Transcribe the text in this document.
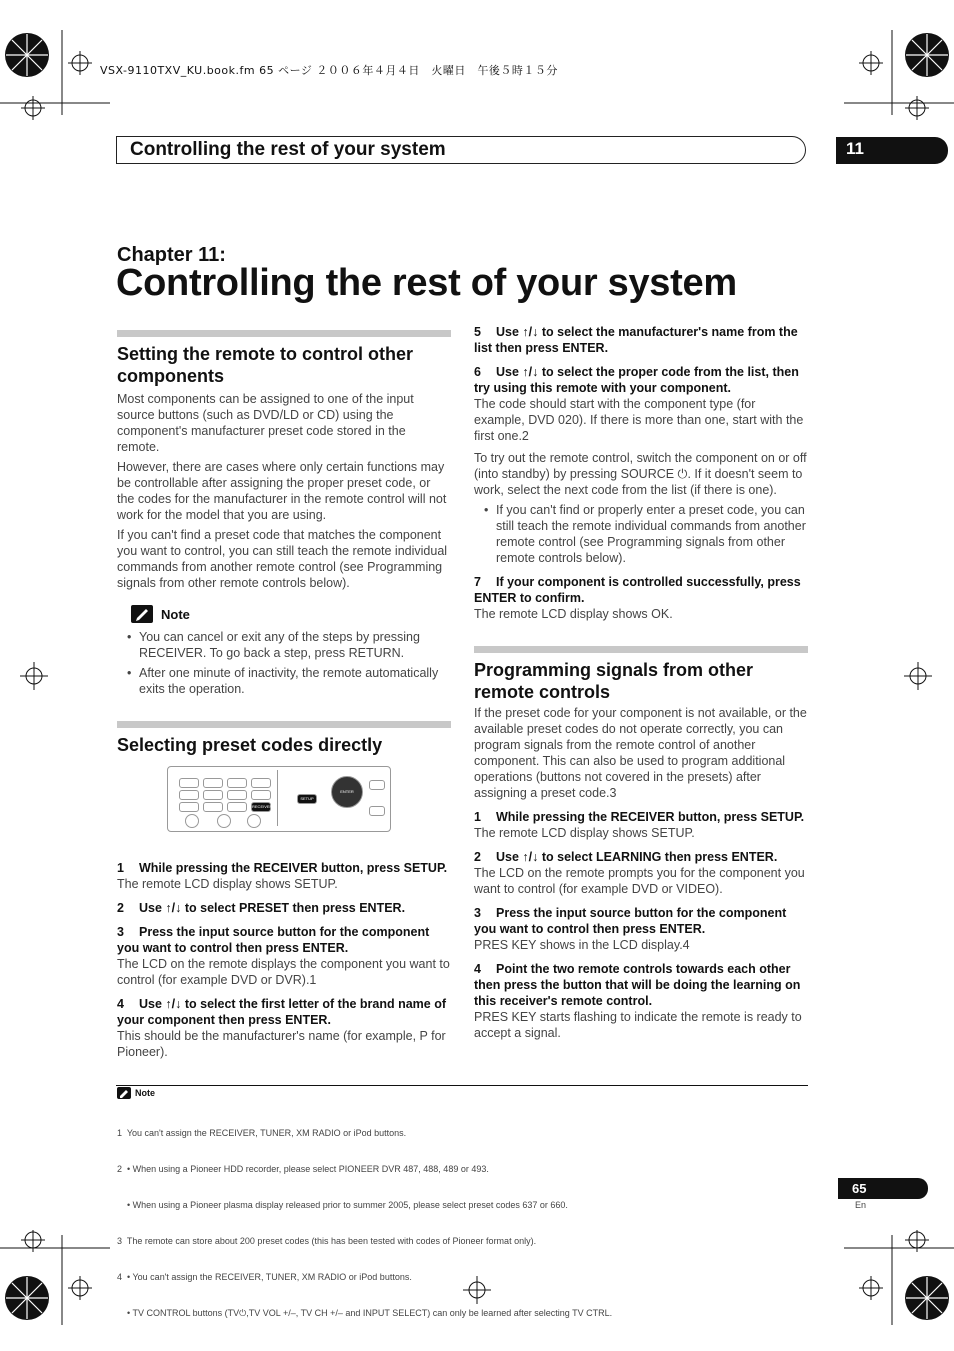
VSX-9110TXV_KU.book.fm 65 ページ ２００６年４月４日　火曜日　午後５時１５分
Controlling the rest of your system	11
Chapter 11:
Controlling the rest of your system
Setting the remote to control other components

Most components can be assigned to one of the input source buttons (such as DVD/LD or CD) using the component's manufacturer preset code stored in the remote.

However, there are cases where only certain functions may be controllable after assigning the proper preset code, or the codes for the manufacturer in the remote control will not work for the model that you are using.

If you can't find a preset code that matches the component you want to control, you can still teach the remote individual commands from another remote control (see Programming signals from other remote controls below).

Note

• You can cancel or exit any of the steps by pressing RECEIVER. To go back a step, press RETURN.

• After one minute of inactivity, the remote automatically exits the operation.

Selecting preset codes directly
RECEIVER
SETUP
ENTER

1 While pressing the RECEIVER button, press SETUP.

The remote LCD display shows SETUP.

2 Use ↑/↓ to select PRESET then press ENTER.

3 Press the input source button for the component you want to control then press ENTER.

The LCD on the remote displays the component you want to control (for example DVD or DVR).1

4 Use ↑/↓ to select the first letter of the brand name of your component then press ENTER.

This should be the manufacturer's name (for example, P for Pioneer).

5 Use ↑/↓ to select the manufacturer's name from the list then press ENTER.

6 Use ↑/↓ to select the proper code from the list, then try using this remote with your component.

The code should start with the component type (for example, DVD 020). If there is more than one, start with the first one.2

To try out the remote control, switch the component on or off (into standby) by pressing SOURCE ⏻. If it doesn't seem to work, select the next code from the list (if there is one).

• If you can't find or properly enter a preset code, you can still teach the remote individual commands from another remote control (see Programming signals from other remote controls below).

7 If your component is controlled successfully, press ENTER to confirm.

The remote LCD display shows OK.

Programming signals from other remote controls

If the preset code for your component is not available, or the available preset codes do not operate correctly, you can program signals from the remote control of another component. This can also be used to program additional operations (buttons not covered in the presets) after assigning a preset code.3

1 While pressing the RECEIVER button, press SETUP.

The remote LCD display shows SETUP.

2 Use ↑/↓ to select LEARNING then press ENTER.

The LCD on the remote prompts you for the component you want to control (for example DVD or VIDEO).

3 Press the input source button for the component you want to control then press ENTER.

PRES KEY shows in the LCD display.4

4 Point the two remote controls towards each other then press the button that will be doing the learning on this receiver's remote control.

PRES KEY starts flashing to indicate the remote is ready to accept a signal.

Note

1  You can't assign the RECEIVER, TUNER, XM RADIO or iPod buttons.

2  • When using a Pioneer HDD recorder, please select PIONEER DVR 487, 488, 489 or 493.

• When using a Pioneer plasma display released prior to summer 2005, please select preset codes 637 or 660.

3  The remote can store about 200 preset codes (this has been tested with codes of Pioneer format only).

4  • You can't assign the RECEIVER, TUNER, XM RADIO or iPod buttons.

• TV CONTROL buttons (TV⏻,TV VOL +/–, TV CH +/– and INPUT SELECT) can only be learned after selecting TV CTRL.

65
En
